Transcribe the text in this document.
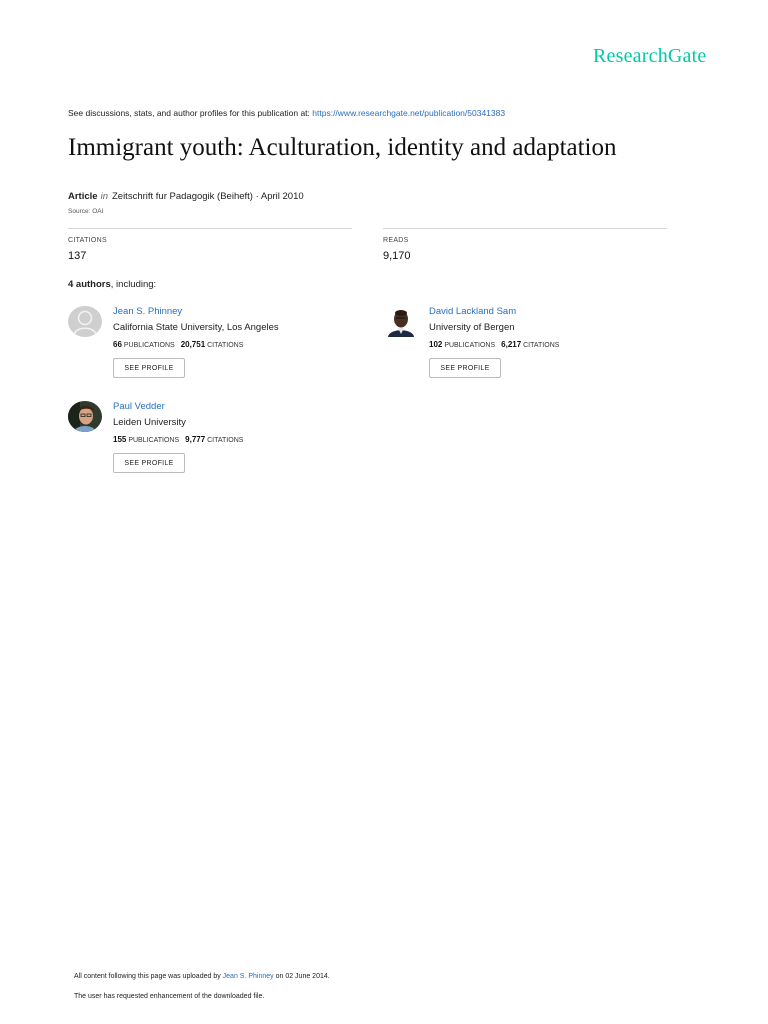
ResearchGate
See discussions, stats, and author profiles for this publication at: https://www.researchgate.net/publication/50341383
Immigrant youth: Aculturation, identity and adaptation
Article in Zeitschrift fur Padagogik (Beiheft) · April 2010
Source: OAI
CITATIONS
137
READS
9,170
4 authors, including:
Jean S. Phinney
California State University, Los Angeles
66 PUBLICATIONS 20,751 CITATIONS
SEE PROFILE
David Lackland Sam
University of Bergen
102 PUBLICATIONS 6,217 CITATIONS
SEE PROFILE
Paul Vedder
Leiden University
155 PUBLICATIONS 9,777 CITATIONS
SEE PROFILE
All content following this page was uploaded by Jean S. Phinney on 02 June 2014.
The user has requested enhancement of the downloaded file.
